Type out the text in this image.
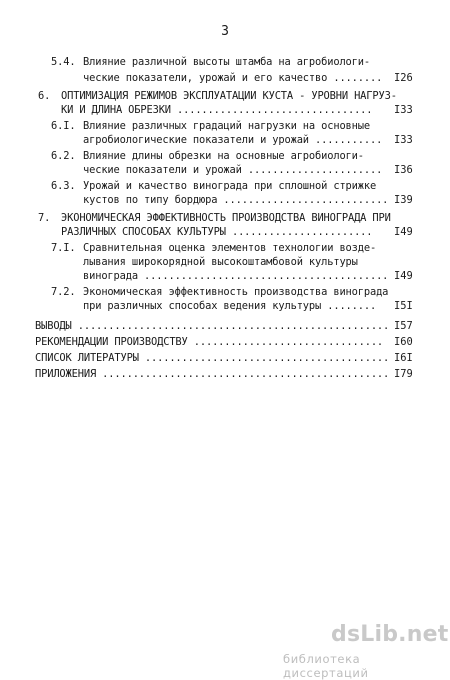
3
5.4. Влияние различной высоты штамба на агробиологи-
ческие показатели, урожай и его качество ........ I26
6. ОПТИМИЗАЦИЯ РЕЖИМОВ ЭКСПЛУАТАЦИИ КУСТА - УРОВНИ НАГРУЗ-
КИ И ДЛИНА ОБРЕЗКИ ................................ I33
6.I. Влияние различных градаций нагрузки на основные
агробиологические показатели и урожай ........... I33
6.2. Влияние длины обрезки на основные агробиологи-
ческие показатели и урожай ...................... I36
6.3. Урожай и качество винограда при сплошной стрижке
кустов по типу бордюра ........................... I39
7. ЭКОНОМИЧЕСКАЯ ЭФФЕКТИВНОСТЬ ПРОИЗВОДСТВА ВИНОГРАДА ПРИ
РАЗЛИЧНЫХ СПОСОБАХ КУЛЬТУРЫ ....................... I49
7.I. Сравнительная оценка элементов технологии возде-
лывания широкорядной высокоштамбовой культуры
винограда ........................................ I49
7.2. Экономическая эффективность производства винограда
при различных способах ведения культуры ........ I5I
ВЫВОДЫ ................................................... I57
РЕКОМЕНДАЦИИ ПРОИЗВОДСТВУ ............................... I60
СПИСОК ЛИТЕРАТУРЫ ........................................ I6I
ПРИЛОЖЕНИЯ ............................................... I79
dsLib.net
библиотека диссертаций
